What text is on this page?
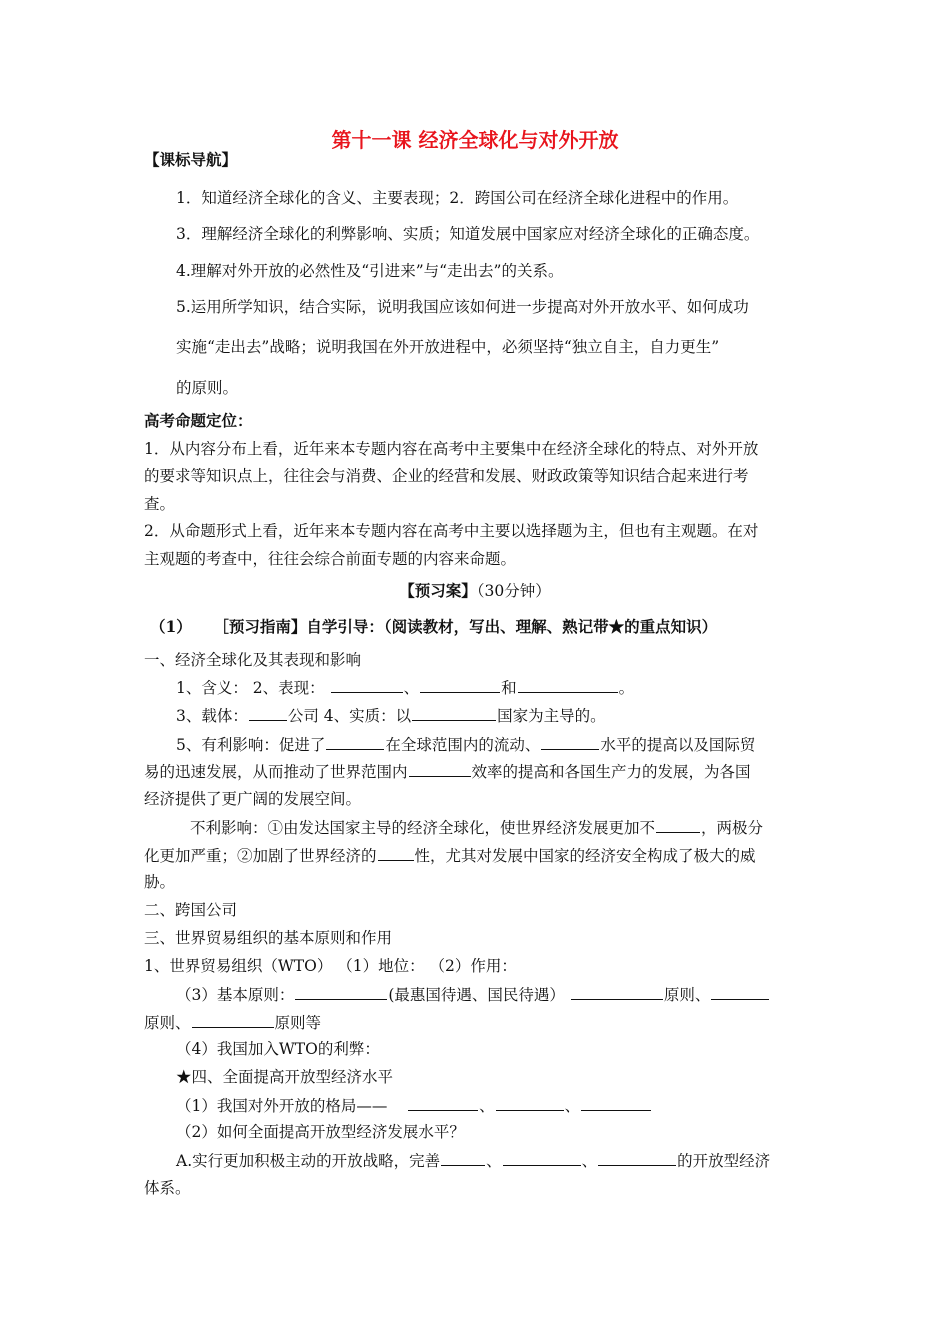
第十一课 经济全球化与对外开放
【课标导航】
1．知道经济全球化的含义、主要表现；2．跨国公司在经济全球化进程中的作用。
3．理解经济全球化的利弊影响、实质；知道发展中国家应对经济全球化的正确态度。
4.理解对外开放的必然性及“引进来”与“走出去”的关系。
5.运用所学知识，结合实际，说明我国应该如何进一步提高对外开放水平、如何成功
实施“走出去”战略；说明我国在外开放进程中，必须坚持“独立自主，自力更生”
的原则。
高考命题定位：
1．从内容分布上看，近年来本专题内容在高考中主要集中在经济全球化的特点、对外开放
的要求等知识点上，往往会与消费、企业的经营和发展、财政政策等知识结合起来进行考
查。
2．从命题形式上看，近年来本专题内容在高考中主要以选择题为主，但也有主观题。在对
主观题的考查中，往往会综合前面专题的内容来命题。
【预习案】（30分钟）
（1） ［预习指南】自学引导：（阅读教材，写出、理解、熟记带★的重点知识）
一、经济全球化及其表现和影响
1、含义： 2、表现：	、	和	。
3、载体：	公司 4、实质：以	国家为主导的。
5、有利影响：促进了	在全球范围内的流动、	水平的提高以及国际贸
易的迅速发展，从而推动了世界范围内	效率的提高和各国生产力的发展，为各国
经济提供了更广阔的发展空间。
不利影响：①由发达国家主导的经济全球化，使世界经济发展更加不	，两极分
化更加严重；②加剧了世界经济的 性，尤其对发展中国家的经济安全构成了极大的威
胁。
二、跨国公司
三、世界贸易组织的基本原则和作用
1、世界贸易组织（WTO） （1）地位： （2）作用：
（3）基本原则：	(最惠国待遇、国民待遇）	原则、
原则、	原则等
（4）我国加入WTO的利弊：
★四、全面提高开放型经济水平
（1）我国对外开放的格局——	、	、
（2）如何全面提高开放型经济发展水平？
A.实行更加积极主动的开放战略，完善	、	、	的开放型经济
体系。
